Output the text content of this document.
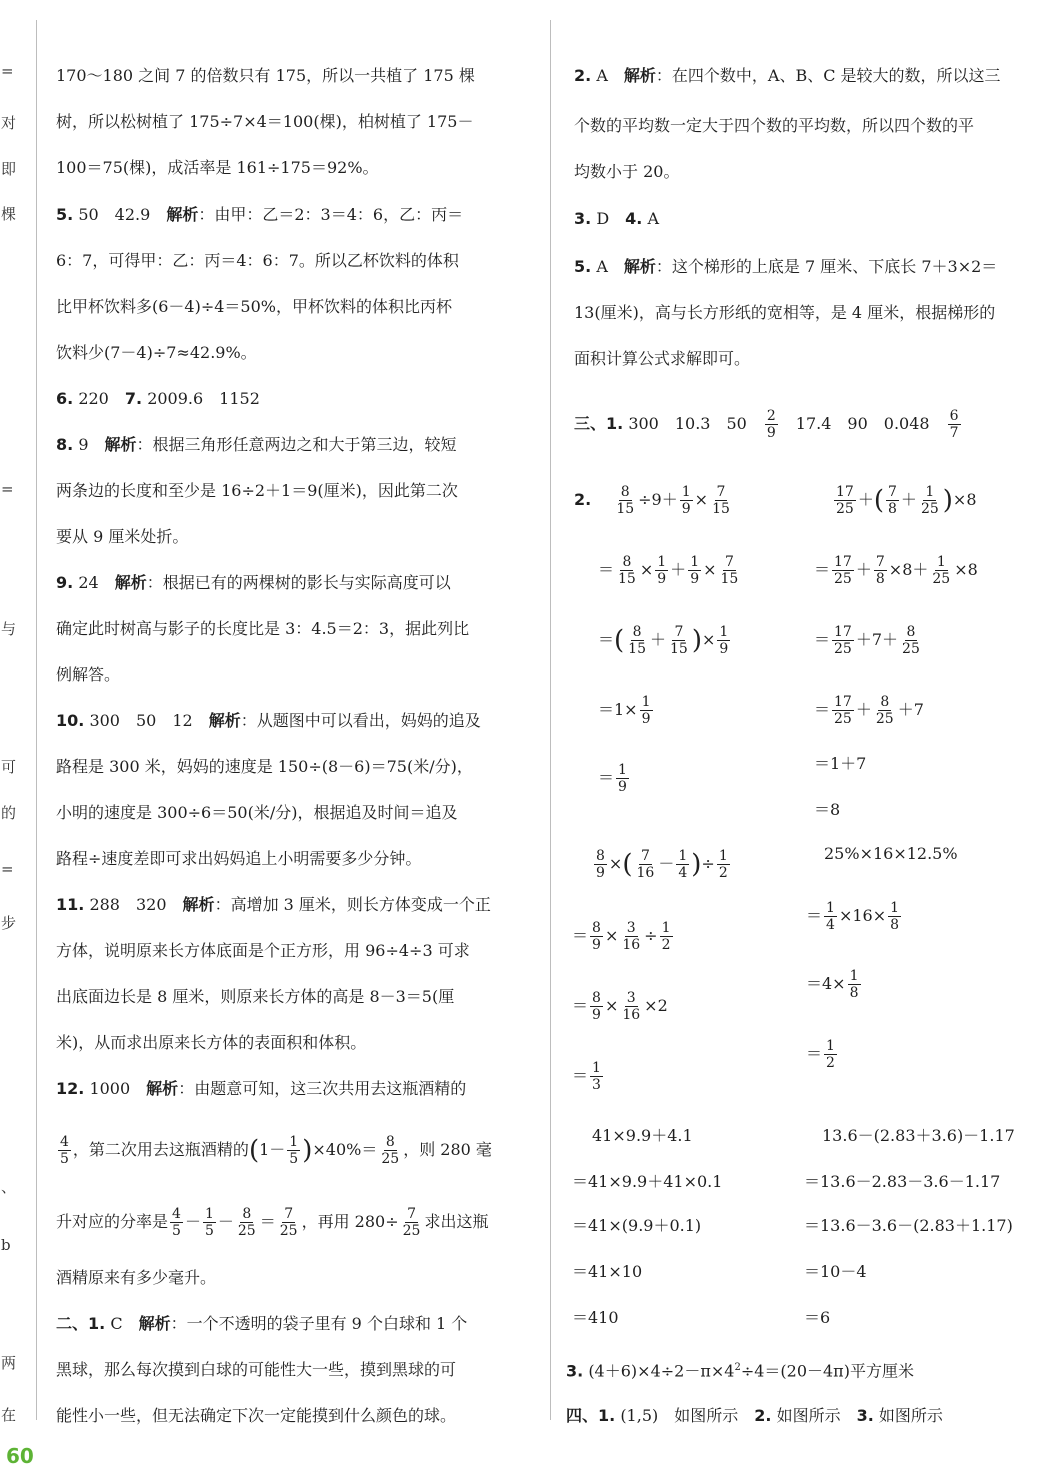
=
对
即
棵
=
与
可
的
=
步
、
b
两
在
170～180 之间 7 的倍数只有 175，所以一共植了 175 棵
树，所以松树植了 175÷7×4＝100(棵)，柏树植了 175－
100＝75(棵)，成活率是 161÷175＝92%。
5. 50　42.9　 解析：由甲：乙＝2：3＝4：6，乙：丙＝
6：7，可得甲：乙：丙＝4：6：7。所以乙杯饮料的体积
比甲杯饮料多(6－4)÷4＝50%，甲杯饮料的体积比丙杯
饮料少(7－4)÷7≈42.9%。
6. 220　 7. 2009.6　1152
8. 9　 解析：根据三角形任意两边之和大于第三边，较短
两条边的长度和至少是 16÷2＋1＝9(厘米)，因此第二次
要从 9 厘米处折。
9. 24　 解析：根据已有的两棵树的影长与实际高度可以
确定此时树高与影子的长度比是 3：4.5＝2：3，据此列比
例解答。
10. 300　50　12　 解析：从题图中可以看出，妈妈的追及
路程是 300 米，妈妈的速度是 150÷(8－6)＝75(米/分)，
小明的速度是 300÷6＝50(米/分)，根据追及时间＝追及
路程÷速度差即可求出妈妈追上小明需要多少分钟。
11. 288　320　 解析：高增加 3 厘米，则长方体变成一个正
方体，说明原来长方体底面是个正方形，用 96÷4÷3 可求
出底面边长是 8 厘米，则原来长方体的高是 8－3＝5(厘
米)，从而求出原来长方体的表面积和体积。
12. 1000　 解析：由题意可知，这三次共用去这瓶酒精的
$\frac{4}{5}$ ，第二次用去这瓶酒精的$(1- \frac{1}{5} )\times 40\%= \frac{8}{25}$ ，则 280 毫
升对应的分率是 $\frac{4}{5} - \frac{1}{5} - \frac{8}{25} = \frac{7}{25}$ ，再用 $280\div \frac{7}{25}$ 求出这瓶
酒精原来有多少毫升。
二、1. C　 解析：一个不透明的袋子里有 9 个白球和 1 个
黑球，那么每次摸到白球的可能性大一些，摸到黑球的可
能性小一些，但无法确定下次一定能摸到什么颜色的球。
2. A　 解析：在四个数中，A、B、C 是较大的数，所以这三
个数的平均数一定大于四个数的平均数，所以四个数的平
均数小于 20。
3. D　 4. A
5. A　 解析：这个梯形的上底是 7 厘米、下底长 7＋3×2＝
13(厘米)，高与长方形纸的宽相等，是 4 厘米，根据梯形的
面积计算公式求解即可。
三、1. 300　10.3　50　 $\frac{2}{9}$
　 17.4　90　0.048　 $\frac{6}{7}$
2.　 $\frac{8}{15} \div 9+ \frac{1}{9} \times \frac{7}{15}$
＝ $\frac{8}{15} \times \frac{1}{9} + \frac{1}{9} \times \frac{7}{15}$
＝( $\frac{8}{15} + \frac{7}{15}$ )× $\frac{1}{9}$
$=1\times \frac{1}{9}$
＝ $\frac{1}{9}$
$\frac{17}{25}$ ＋( $\frac{7}{8} + \frac{1}{25} )\times 8$
＝ $\frac{17}{25} + \frac{7}{8} \times 8+ \frac{1}{25} \times 8$
＝ $\frac{17}{25} +7+ \frac{8}{25}$
＝ $\frac{17}{25} + \frac{8}{25} +7$
＝1＋7
＝8
$\frac{8}{9}$ ×( $\frac{7}{16} - \frac{1}{4}$ )÷ $\frac{1}{2}$
＝ $\frac{8}{9} \times \frac{3}{16} \div \frac{1}{2}$
＝ $\frac{8}{9} \times \frac{3}{16} \times 2$
＝ $\frac{1}{3}$
25%×16×12.5%
＝ $\frac{1}{4} \times 16\times \frac{1}{8}$
$=4\times \frac{1}{8}$
＝ $\frac{1}{2}$
41×9.9＋4.1
＝41×9.9＋41×0.1
＝41×(9.9＋0.1)
＝41×10
＝410
13.6－(2.83＋3.6)－1.17
＝13.6－2.83－3.6－1.17
＝13.6－3.6－(2.83＋1.17)
＝10－4
＝6
3. $(4+6)\times 4\div 2-\pi\times 4^2\div 4=(20-4\pi)$平方厘米
四、1. (1,5)　如图所示　 2. 如图所示　 3. 如图所示
60
